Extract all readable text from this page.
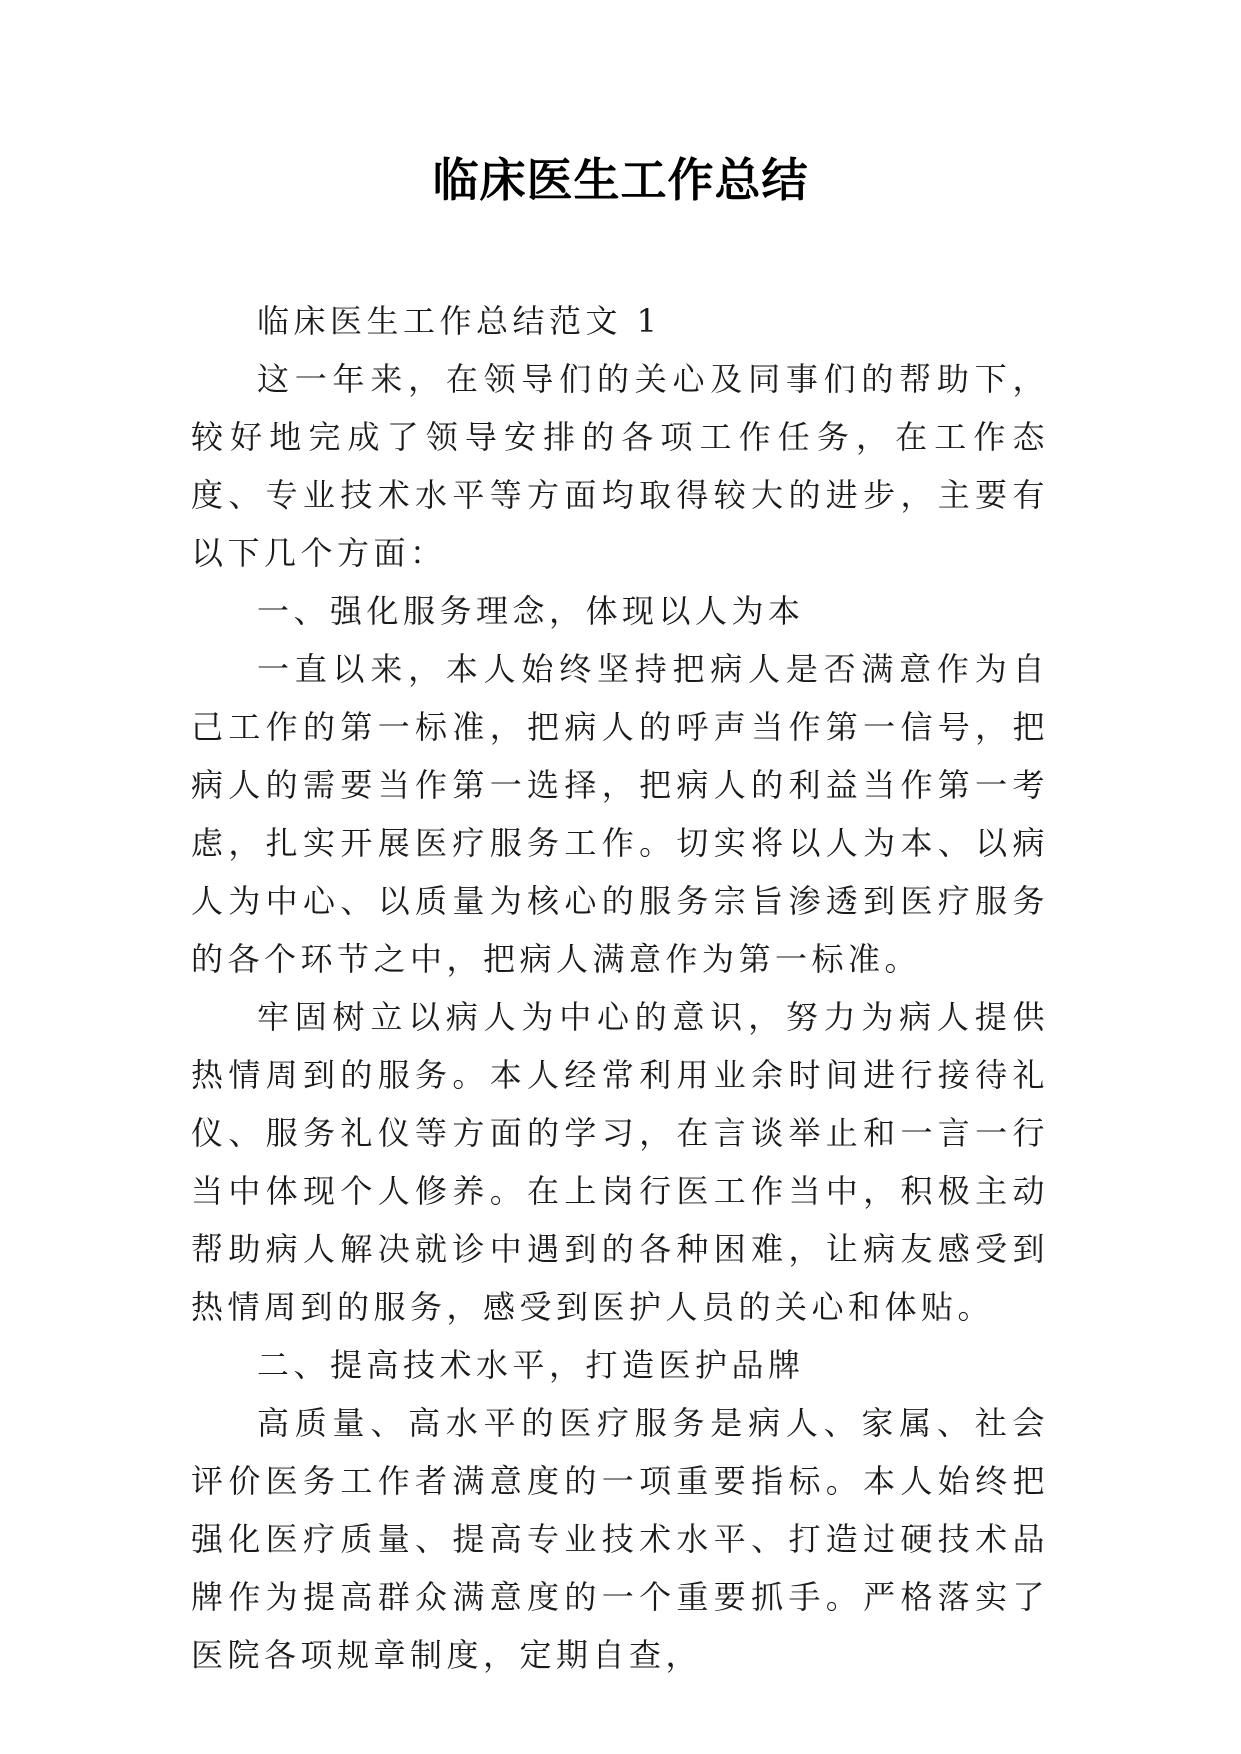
临床医生工作总结

临床医生工作总结范文 1

这一年来，在领导们的关心及同事们的帮助下，较好地完成了领导安排的各项工作任务，在工作态度、专业技术水平等方面均取得较大的进步，主要有以下几个方面：

一、强化服务理念，体现以人为本

一直以来，本人始终坚持把病人是否满意作为自己工作的第一标准，把病人的呼声当作第一信号，把病人的需要当作第一选择，把病人的利益当作第一考虑，扎实开展医疗服务工作。切实将以人为本、以病人为中心、以质量为核心的服务宗旨渗透到医疗服务的各个环节之中，把病人满意作为第一标准。

牢固树立以病人为中心的意识，努力为病人提供热情周到的服务。本人经常利用业余时间进行接待礼仪、服务礼仪等方面的学习，在言谈举止和一言一行当中体现个人修养。在上岗行医工作当中，积极主动帮助病人解决就诊中遇到的各种困难，让病友感受到热情周到的服务，感受到医护人员的关心和体贴。

二、提高技术水平，打造医护品牌

高质量、高水平的医疗服务是病人、家属、社会评价医务工作者满意度的一项重要指标。本人始终把强化医疗质量、提高专业技术水平、打造过硬技术品牌作为提高群众满意度的一个重要抓手。严格落实了医院各项规章制度，定期自查，
